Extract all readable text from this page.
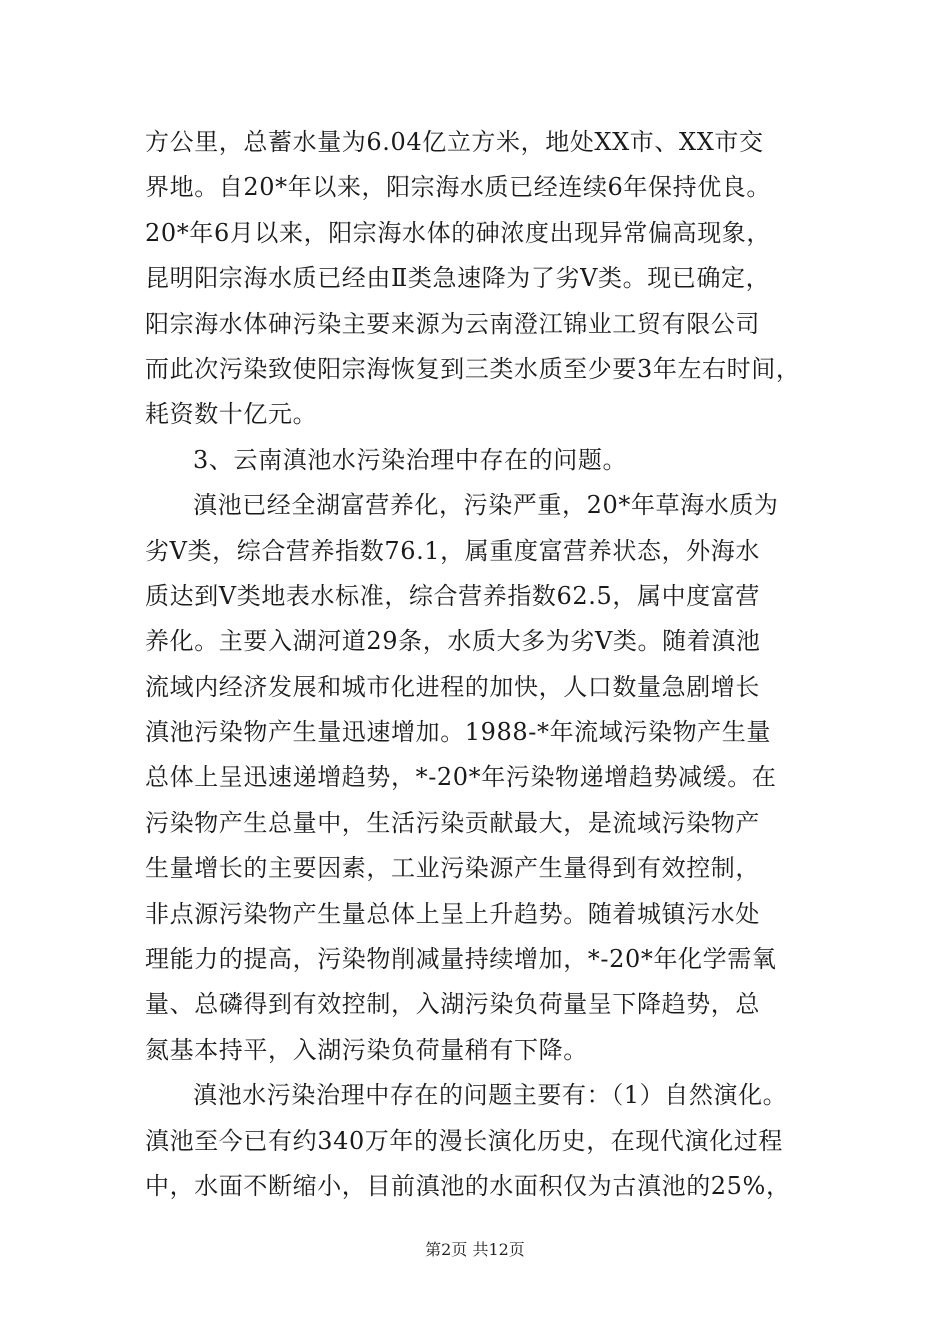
方公里，总蓄水量为6.04亿立方米，地处XX市、XX市交
界地。自20*年以来，阳宗海水质已经连续6年保持优良。
20*年6月以来，阳宗海水体的砷浓度出现异常偏高现象，
昆明阳宗海水质已经由Ⅱ类急速降为了劣Ⅴ类。现已确定，
阳宗海水体砷污染主要来源为云南澄江锦业工贸有限公司
而此次污染致使阳宗海恢复到三类水质至少要3年左右时间，
耗资数十亿元。
3、云南滇池水污染治理中存在的问题。
滇池已经全湖富营养化，污染严重，20*年草海水质为
劣Ⅴ类，综合营养指数76.1，属重度富营养状态，外海水
质达到Ⅴ类地表水标准，综合营养指数62.5，属中度富营
养化。主要入湖河道29条，水质大多为劣Ⅴ类。随着滇池
流域内经济发展和城市化进程的加快，人口数量急剧增长
滇池污染物产生量迅速增加。1988-*年流域污染物产生量
总体上呈迅速递增趋势，*-20*年污染物递增趋势减缓。在
污染物产生总量中，生活污染贡献最大，是流域污染物产
生量增长的主要因素，工业污染源产生量得到有效控制，
非点源污染物产生量总体上呈上升趋势。随着城镇污水处
理能力的提高，污染物削减量持续增加，*-20*年化学需氧
量、总磷得到有效控制，入湖污染负荷量呈下降趋势，总
氮基本持平，入湖污染负荷量稍有下降。
滇池水污染治理中存在的问题主要有：（1）自然演化。
滇池至今已有约340万年的漫长演化历史，在现代演化过程
中，水面不断缩小，目前滇池的水面积仅为古滇池的25%，
第2页 共12页
